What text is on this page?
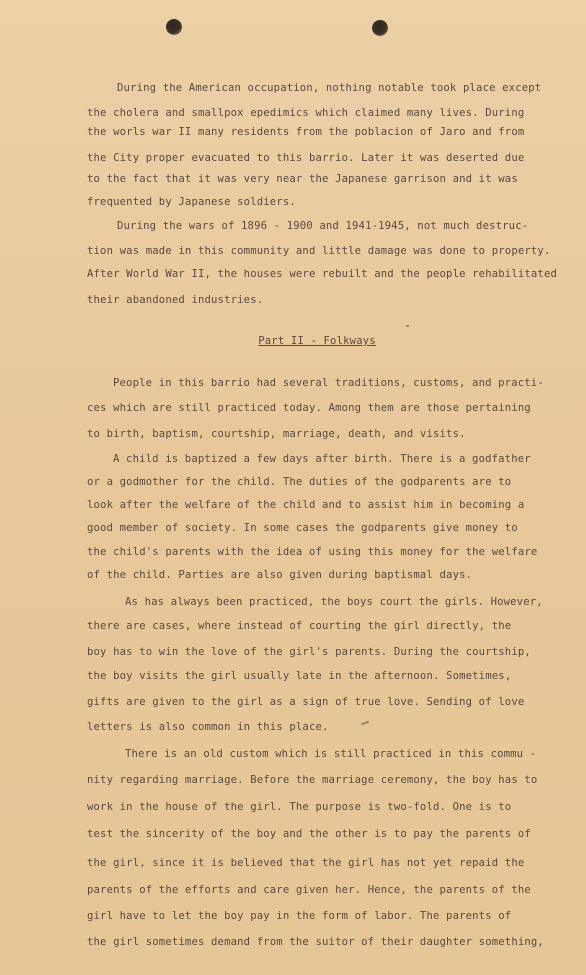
During the American occupation, nothing notable took place except
the cholera and smallpox epedimics which claimed many lives. During
the worls war II many residents from the poblacion of Jaro and from
the City proper evacuated to this barrio. Later it was deserted due
to the fact that it was very near the Japanese garrison and it was
frequented by Japanese soldiers.
During the wars of 1896 - 1900 and 1941-1945, not much destruc-
tion was made in this community and little damage was done to property.
After World War II, the houses were rebuilt and the people rehabilitated
their abandoned industries.
Part II - Folkways
People in this barrio had several traditions, customs, and practi-
ces which are still practiced today. Among them are those pertaining
to birth, baptism, courtship, marriage, death, and visits.
A child is baptized a few days after birth. There is a godfather
or a godmother for the child. The duties of the godparents are to
look after the welfare of the child and to assist him in becoming a
good member of society. In some cases the godparents give money to
the child's parents with the idea of using this money for the welfare
of the child. Parties are also given during baptismal days.
As has always been practiced, the boys court the girls. However,
there are cases, where instead of courting the girl directly, the
boy has to win the love of the girl's parents. During the courtship,
the boy visits the girl usually late in the afternoon. Sometimes,
gifts are given to the girl as a sign of true love. Sending of love
letters is also common in this place.
There is an old custom which is still practiced in this commu -
nity regarding marriage. Before the marriage ceremony, the boy has to
work in the house of the girl. The purpose is two-fold. One is to
test the sincerity of the boy and the other is to pay the parents of
the girl, since it is believed that the girl has not yet repaid the
parents of the efforts and care given her. Hence, the parents of the
girl have to let the boy pay in the form of labor. The parents of
the girl sometimes demand from the suitor of their daughter something,
